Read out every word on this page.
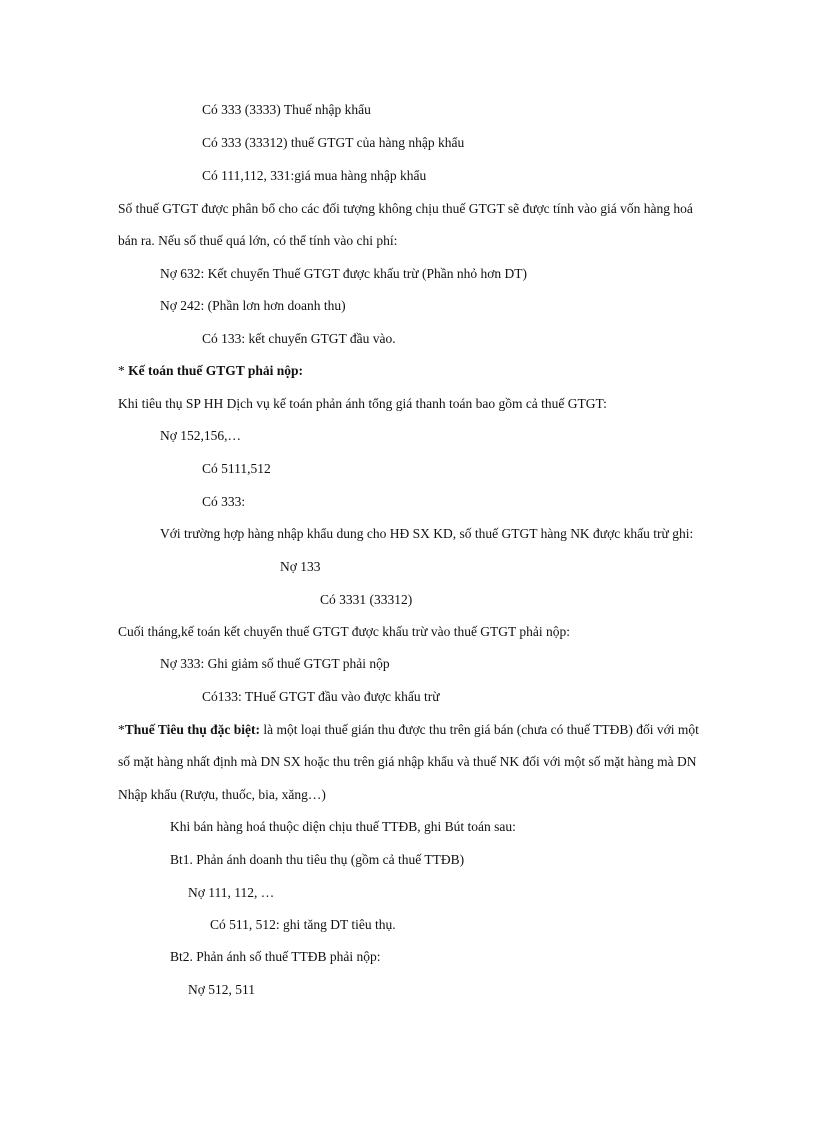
Có 333 (3333) Thuế nhập khẩu
Có 333 (33312) thuế GTGT của hàng nhập khẩu
Có 111,112, 331:giá mua hàng nhập khẩu
Số thuế GTGT được phân bổ cho các đối tượng không chịu thuế GTGT sẽ được tính vào giá vốn hàng hoá
bán ra. Nếu số thuế quá lớn, có thể tính vào chi phí:
Nợ 632: Kết chuyển Thuế GTGT được khấu trừ (Phần nhỏ hơn DT)
Nợ 242: (Phần lơn hơn doanh thu)
Có 133: kết chuyển GTGT đầu vào.
* Kế toán thuế GTGT phải nộp:
Khi tiêu thụ SP HH Dịch vụ kế toán phản ánh tổng giá thanh toán bao gồm cả thuế GTGT:
Nợ 152,156,…
Có 5111,512
Có 333:
Với trường hợp hàng nhập khẩu dung cho HĐ SX KD, số thuế GTGT hàng NK được khấu trừ ghi:
Nợ 133
Có 3331 (33312)
Cuối tháng,kế toán kết chuyển thuế GTGT được khấu trừ vào thuế GTGT phải nộp:
Nợ 333: Ghi giảm số thuế GTGT phải nộp
Có133: THuế GTGT đầu vào được khấu trừ
*Thuế Tiêu thụ đặc biệt: là một loại thuế gián thu được thu trên giá bán (chưa có thuế TTĐB) đối với một
số mặt hàng nhất định mà DN SX hoặc thu trên giá nhập khẩu và thuế NK đối với một số mặt hàng mà DN
Nhập khẩu (Rượu, thuốc, bia, xăng…)
Khi bán hàng hoá thuộc diện chịu thuế TTĐB, ghi Bút toán sau:
Bt1. Phản ánh doanh thu tiêu thụ (gồm cả thuế TTĐB)
Nợ 111, 112, …
Có 511, 512: ghi tăng DT tiêu thụ.
Bt2. Phản ánh số thuế TTĐB phải nộp:
Nợ 512, 511
